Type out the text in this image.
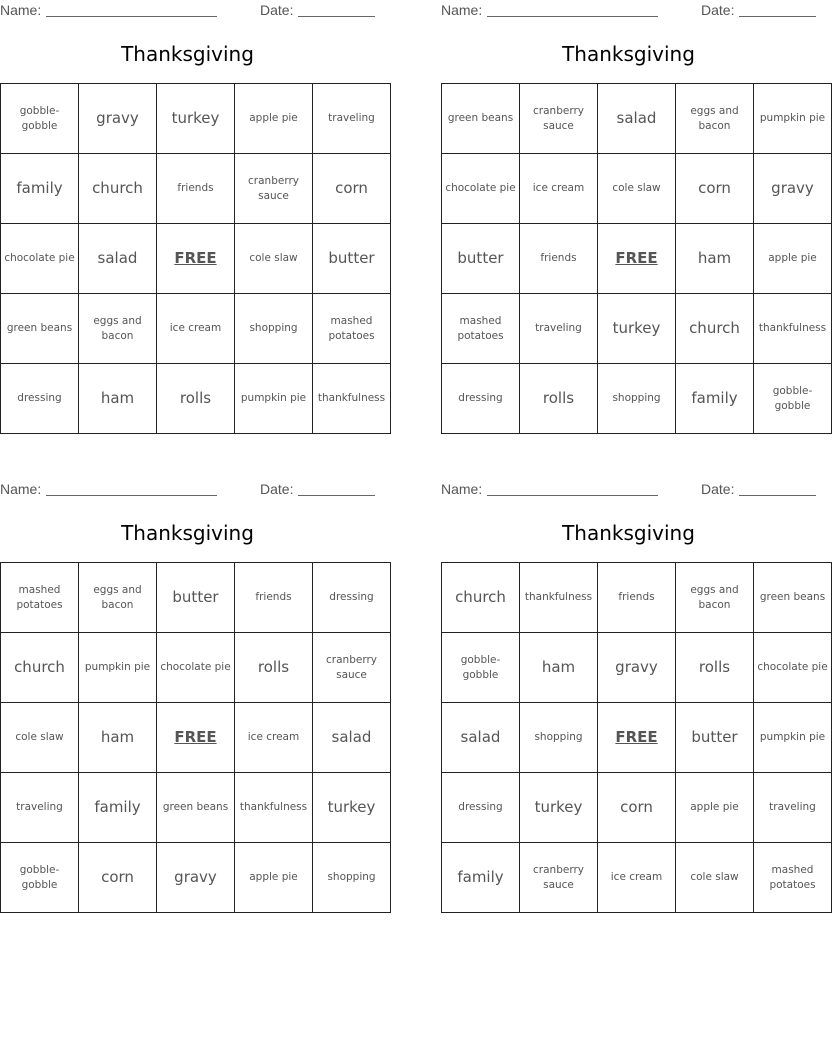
Name:	Date:
Thanksgiving
gobble-gobble	gravy	turkey	apple pie	traveling
family	church	friends	cranberry sauce	corn
chocolate pie	salad	FREE	cole slaw	butter
green beans	eggs and bacon	ice cream	shopping	mashed potatoes
dressing	ham	rolls	pumpkin pie	thankfulness
Name:	Date:
Thanksgiving
green beans	cranberry sauce	salad	eggs and bacon	pumpkin pie
chocolate pie	ice cream	cole slaw	corn	gravy
butter	friends	FREE	ham	apple pie
mashed potatoes	traveling	turkey	church	thankfulness
dressing	rolls	shopping	family	gobble-gobble
Name:	Date:
Thanksgiving
mashed potatoes	eggs and bacon	butter	friends	dressing
church	pumpkin pie	chocolate pie	rolls	cranberry sauce
cole slaw	ham	FREE	ice cream	salad
traveling	family	green beans	thankfulness	turkey
gobble-gobble	corn	gravy	apple pie	shopping
Name:	Date:
Thanksgiving
church	thankfulness	friends	eggs and bacon	green beans
gobble-gobble	ham	gravy	rolls	chocolate pie
salad	shopping	FREE	butter	pumpkin pie
dressing	turkey	corn	apple pie	traveling
family	cranberry sauce	ice cream	cole slaw	mashed potatoes
